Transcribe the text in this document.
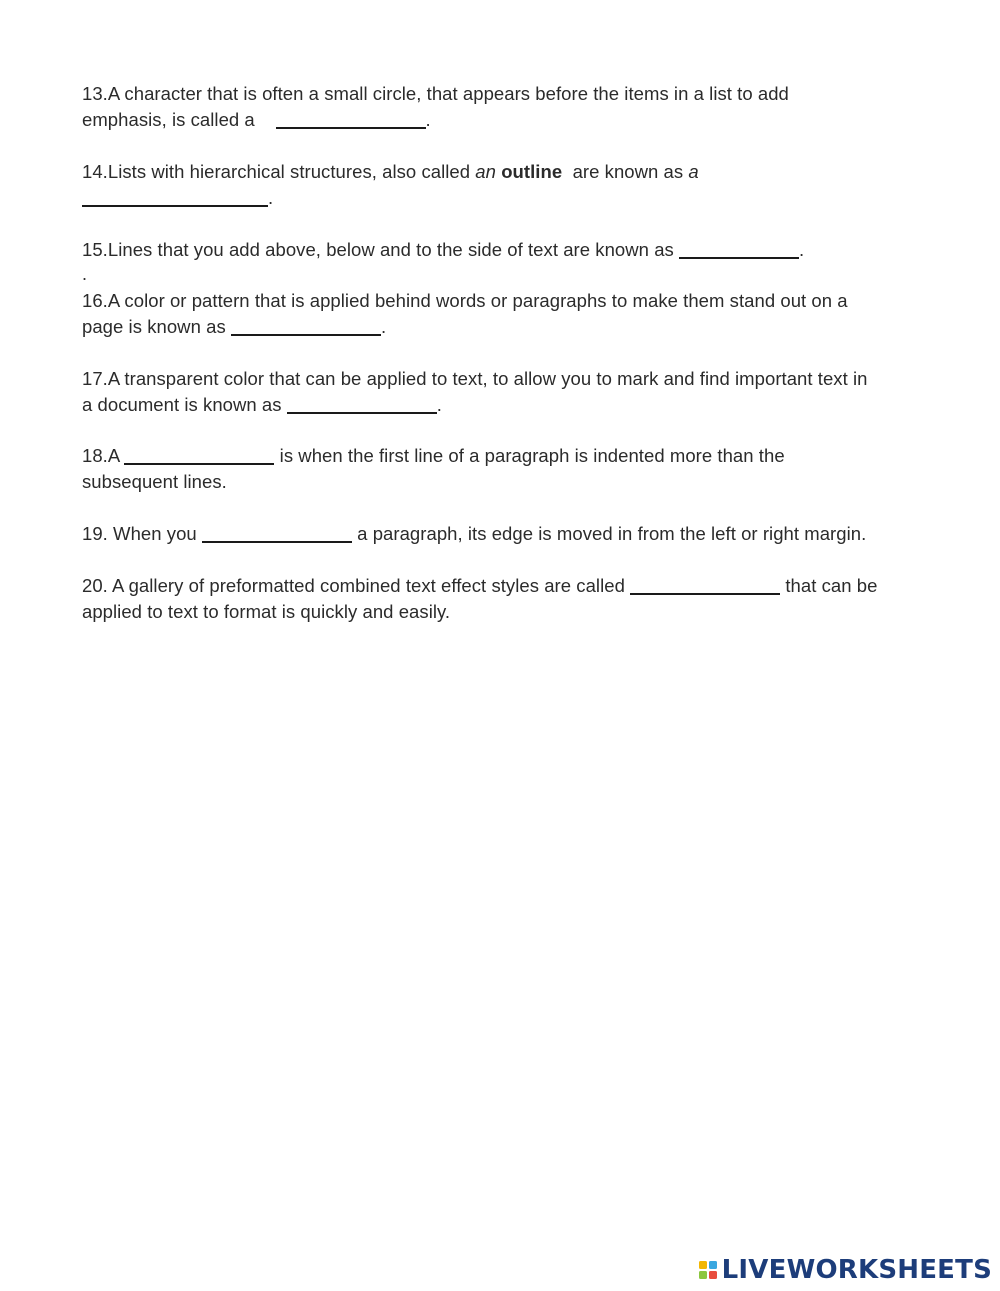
13.A character that is often a small circle, that appears before the items in a list to add
emphasis, is called a	.
14.Lists with hierarchical structures, also called an outline are known as a
.
15.Lines that you add above, below and to the side of text are known as	.
.
16.A color or pattern that is applied behind words or paragraphs to make them stand out on a
page is known as	.
17.A transparent color that can be applied to text, to allow you to mark and find important text in
a document is known as	.
18.A	is when the first line of a paragraph is indented more than the
subsequent lines.
19. When you	a paragraph, its edge is moved in from the left or right margin.
20. A gallery of preformatted combined text effect styles are called	that can be
applied to text to format is quickly and easily.
LIVEWORKSHEETS
